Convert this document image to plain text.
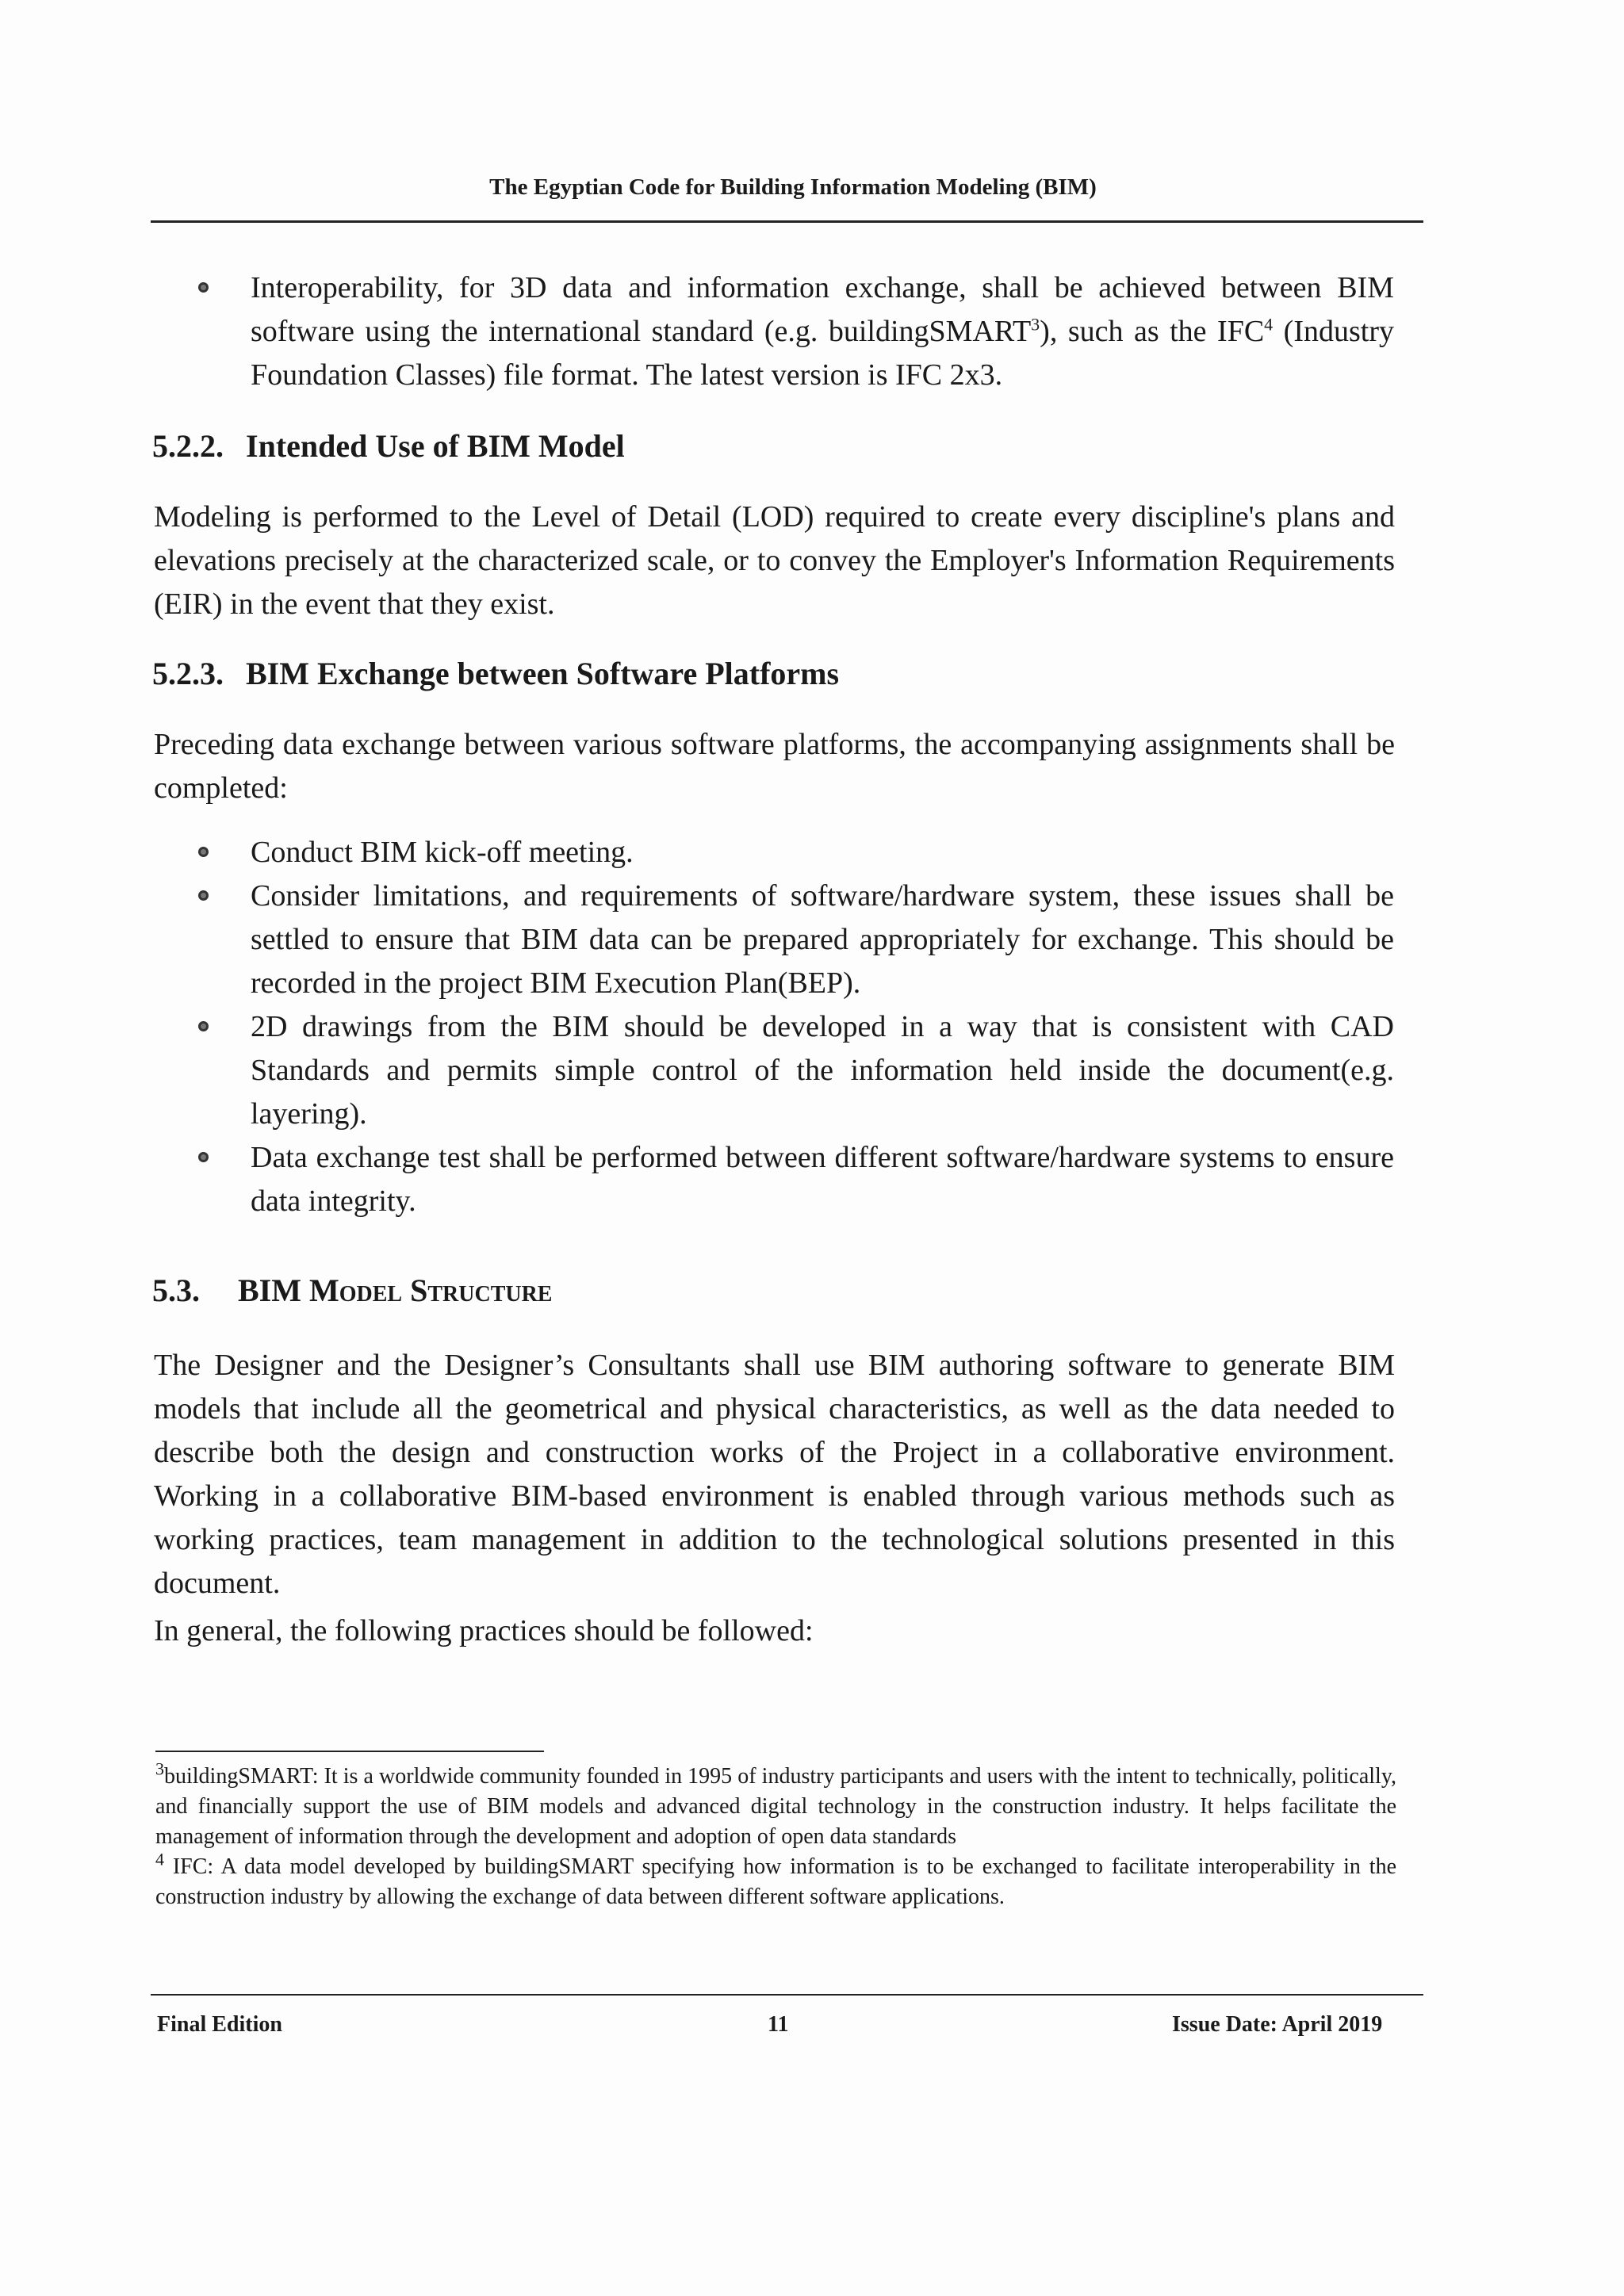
The Egyptian Code for Building Information Modeling (BIM)
Interoperability, for 3D data and information exchange, shall be achieved between BIM software using the international standard (e.g. buildingSMART$^3$), such as the IFC$^4$ (Industry Foundation Classes) file format. The latest version is IFC 2x3.
5.2.2. Intended Use of BIM Model

Modeling is performed to the Level of Detail (LOD) required to create every discipline's plans and elevations precisely at the characterized scale, or to convey the Employer's Information Requirements (EIR) in the event that they exist.

5.2.3. BIM Exchange between Software Platforms

Preceding data exchange between various software platforms, the accompanying assignments shall be completed:

Conduct BIM kick-off meeting.
Consider limitations, and requirements of software/hardware system, these issues shall be settled to ensure that BIM data can be prepared appropriately for exchange. This should be recorded in the project BIM Execution Plan(BEP).
2D drawings from the BIM should be developed in a way that is consistent with CAD Standards and permits simple control of the information held inside the document(e.g. layering).
Data exchange test shall be performed between different software/hardware systems to ensure data integrity.
5.3. BIM Model Structure

The Designer and the Designer’s Consultants shall use BIM authoring software to generate BIM models that include all the geometrical and physical characteristics, as well as the data needed to describe both the design and construction works of the Project in a collaborative environment. Working in a collaborative BIM-based environment is enabled through various methods such as working practices, team management in addition to the technological solutions presented in this document.

In general, the following practices should be followed:

$^3$buildingSMART: It is a worldwide community founded in 1995 of industry participants and users with the intent to technically, politically, and financially support the use of BIM models and advanced digital technology in the construction industry. It helps facilitate the management of information through the development and adoption of open data standards

$^4$ IFC: A data model developed by buildingSMART specifying how information is to be exchanged to facilitate interoperability in the construction industry by allowing the exchange of data between different software applications.

Final Edition	11	Issue Date: April 2019
